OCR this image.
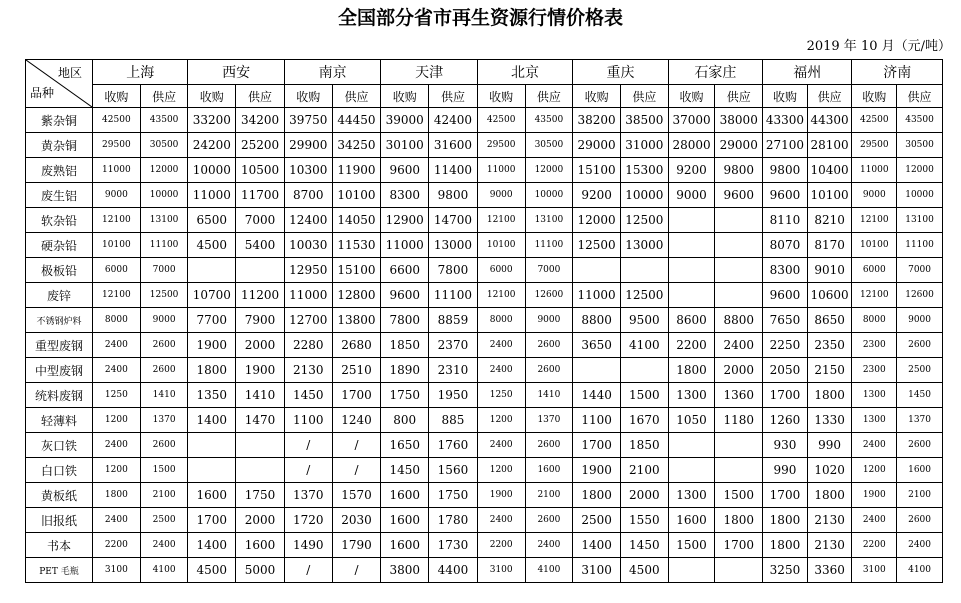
全国部分省市再生资源行情价格表
2019 年 10 月（元/吨）
地区
品种	上海		西安		南京		天津		北京		重庆		石家庄		福州		济南	
	收购	供应	收购	供应	收购	供应	收购	供应	收购	供应	收购	供应	收购	供应	收购	供应	收购	供应
紫杂铜	42500	43500	33200	34200	39750	44450	39000	42400	42500	43500	38200	38500	37000	38000	43300	44300	42500	43500
黄杂铜	29500	30500	24200	25200	29900	34250	30100	31600	29500	30500	29000	31000	28000	29000	27100	28100	29500	30500
废熟铝	11000	12000	10000	10500	10300	11900	9600	11400	11000	12000	15100	15300	9200	9800	9800	10400	11000	12000
废生铝	9000	10000	11000	11700	8700	10100	8300	9800	9000	10000	9200	10000	9000	9600	9600	10100	9000	10000
软杂铅	12100	13100	6500	7000	12400	14050	12900	14700	12100	13100	12000	12500			8110	8210	12100	13100
硬杂铅	10100	11100	4500	5400	10030	11530	11000	13000	10100	11100	12500	13000			8070	8170	10100	11100
极板铅	6000	7000			12950	15100	6600	7800	6000	7000					8300	9010	6000	7000
废锌	12100	12500	10700	11200	11000	12800	9600	11100	12100	12600	11000	12500			9600	10600	12100	12600
不锈钢炉料	8000	9000	7700	7900	12700	13800	7800	8859	8000	9000	8800	9500	8600	8800	7650	8650	8000	9000
重型废钢	2400	2600	1900	2000	2280	2680	1850	2370	2400	2600	3650	4100	2200	2400	2250	2350	2300	2600
中型废钢	2400	2600	1800	1900	2130	2510	1890	2310	2400	2600			1800	2000	2050	2150	2300	2500
统料废钢	1250	1410	1350	1410	1450	1700	1750	1950	1250	1410	1440	1500	1300	1360	1700	1800	1300	1450
轻薄料	1200	1370	1400	1470	1100	1240	800	885	1200	1370	1100	1670	1050	1180	1260	1330	1300	1370
灰口铁	2400	2600			/	/	1650	1760	2400	2600	1700	1850			930	990	2400	2600
白口铁	1200	1500			/	/	1450	1560	1200	1600	1900	2100			990	1020	1200	1600
黄板纸	1800	2100	1600	1750	1370	1570	1600	1750	1900	2100	1800	2000	1300	1500	1700	1800	1900	2100
旧报纸	2400	2500	1700	2000	1720	2030	1600	1780	2400	2600	2500	1550	1600	1800	1800	2130	2400	2600
书本	2200	2400	1400	1600	1490	1790	1600	1730	2200	2400	1400	1450	1500	1700	1800	2130	2200	2400
PET 毛瓶	3100	4100	4500	5000	/	/	3800	4400	3100	4100	3100	4500			3250	3360	3100	4100
